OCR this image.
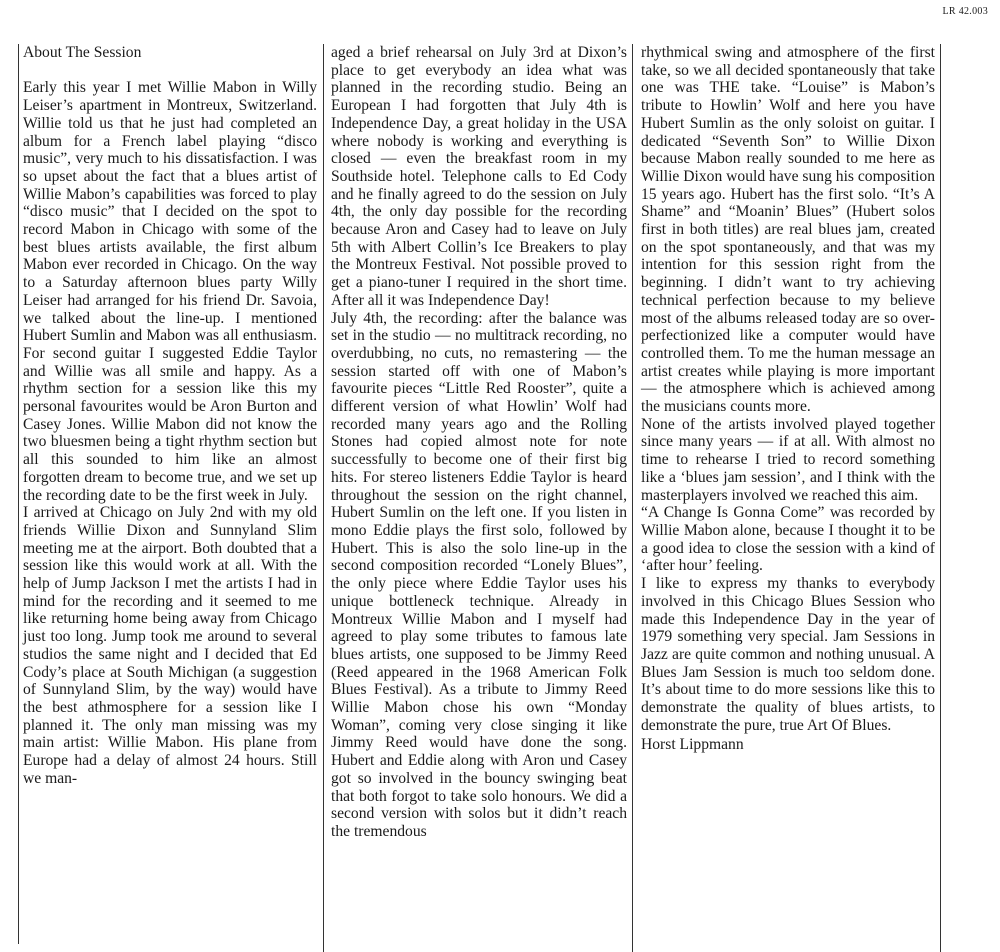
LR 42.003

About The Session

Early this year I met Willie Mabon in Willy Leiser’s apartment in Montreux, Switzerland. Willie told us that he just had completed an album for a French label playing “disco music”, very much to his dissatisfaction. I was so upset about the fact that a blues artist of Willie Mabon’s capabilities was forced to play “disco music” that I decided on the spot to record Mabon in Chicago with some of the best blues artists available, the first album Mabon ever recorded in Chicago. On the way to a Saturday afternoon blues party Willy Leiser had arranged for his friend Dr. Savoia, we talked about the line-up. I mentioned Hubert Sumlin and Mabon was all enthusiasm. For second guitar I suggested Eddie Taylor and Willie was all smile and happy. As a rhythm section for a session like this my personal favourites would be Aron Burton and Casey Jones. Willie Mabon did not know the two bluesmen being a tight rhythm section but all this sounded to him like an almost forgotten dream to become true, and we set up the recording date to be the first week in July.

I arrived at Chicago on July 2nd with my old friends Willie Dixon and Sunnyland Slim meeting me at the airport. Both doubted that a session like this would work at all. With the help of Jump Jackson I met the artists I had in mind for the recording and it seemed to me like returning home being away from Chicago just too long. Jump took me around to several studios the same night and I decided that Ed Cody’s place at South Michigan (a suggestion of Sunnyland Slim, by the way) would have the best athmosphere for a session like I planned it. The only man missing was my main artist: Willie Mabon. His plane from Europe had a delay of almost 24 hours. Still we man-

aged a brief rehearsal on July 3rd at Dixon’s place to get everybody an idea what was planned in the recording studio. Being an European I had forgotten that July 4th is Independence Day, a great holiday in the USA where nobody is working and everything is closed — even the breakfast room in my Southside hotel. Telephone calls to Ed Cody and he finally agreed to do the session on July 4th, the only day possible for the recording because Aron and Casey had to leave on July 5th with Albert Collin’s Ice Breakers to play the Montreux Festival. Not possible proved to get a piano-tuner I required in the short time. After all it was Independence Day!

July 4th, the recording: after the balance was set in the studio — no multitrack recording, no overdubbing, no cuts, no remastering — the session started off with one of Mabon’s favourite pieces “Little Red Rooster”, quite a different version of what Howlin’ Wolf had recorded many years ago and the Rolling Stones had copied almost note for note successfully to become one of their first big hits. For stereo listeners Eddie Taylor is heard throughout the session on the right channel, Hubert Sumlin on the left one. If you listen in mono Eddie plays the first solo, followed by Hubert. This is also the solo line-up in the second composition recorded “Lonely Blues”, the only piece where Eddie Taylor uses his unique bottleneck technique. Already in Montreux Willie Mabon and I myself had agreed to play some tributes to famous late blues artists, one supposed to be Jimmy Reed (Reed appeared in the 1968 American Folk Blues Festival). As a tribute to Jimmy Reed Willie Mabon chose his own “Monday Woman”, coming very close singing it like Jimmy Reed would have done the song. Hubert and Eddie along with Aron und Casey got so involved in the bouncy swinging beat that both forgot to take solo honours. We did a second version with solos but it didn’t reach the tremendous

rhythmical swing and atmosphere of the first take, so we all decided spontaneously that take one was THE take. “Louise” is Mabon’s tribute to Howlin’ Wolf and here you have Hubert Sumlin as the only soloist on guitar. I dedicated “Seventh Son” to Willie Dixon because Mabon really sounded to me here as Willie Dixon would have sung his composition 15 years ago. Hubert has the first solo. “It’s A Shame” and “Moanin’ Blues” (Hubert solos first in both titles) are real blues jam, created on the spot spontaneously, and that was my intention for this session right from the beginning. I didn’t want to try achieving technical perfection because to my believe most of the albums released today are so over-perfectionized like a computer would have controlled them. To me the human message an artist creates while playing is more important — the atmosphere which is achieved among the musicians counts more.

None of the artists involved played together since many years — if at all. With almost no time to rehearse I tried to record something like a ‘blues jam session’, and I think with the masterplayers involved we reached this aim.

“A Change Is Gonna Come” was recorded by Willie Mabon alone, because I thought it to be a good idea to close the session with a kind of ‘after hour’ feeling.

I like to express my thanks to everybody involved in this Chicago Blues Session who made this Independence Day in the year of 1979 something very special. Jam Sessions in Jazz are quite common and nothing unusual. A Blues Jam Session is much too seldom done. It’s about time to do more sessions like this to demonstrate the quality of blues artists, to demonstrate the pure, true Art Of Blues.

Horst Lippmann
